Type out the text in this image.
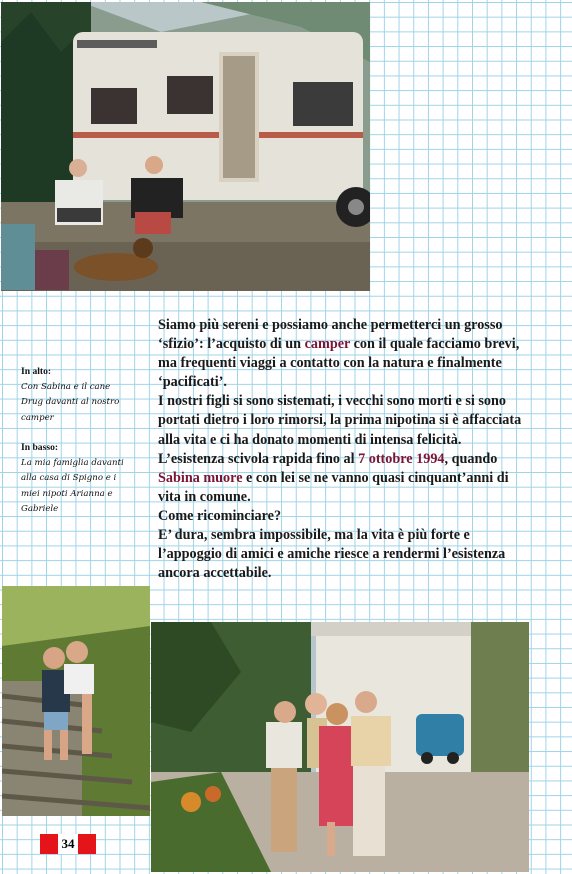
Siamo più sereni e possiamo anche permetterci un grosso ‘sfizio’: l’acquisto di un camper con il quale facciamo brevi, ma frequenti viaggi a contatto con la natura e finalmente ‘pacificati’.

I nostri figli si sono sistemati, i vecchi sono morti e si sono portati dietro i loro rimorsi, la prima nipotina si è affacciata alla vita e ci ha donato momenti di intensa felicità.

L’esistenza scivola rapida fino al 7 ottobre 1994, quando Sabina muore e con lei se ne vanno quasi cinquant’anni di vita in comune.

Come ricominciare?

E’ dura, sembra impossibile, ma la vita è più forte e l’appoggio di amici e amiche riesce a rendermi l’esistenza ancora accettabile.

In alto:
Con Sabina e il cane
Drug davanti al nostro
camper
In basso:
La mia famiglia davanti
alla casa di Spigno e i
miei nipoti Arianna e
Gabriele
34
